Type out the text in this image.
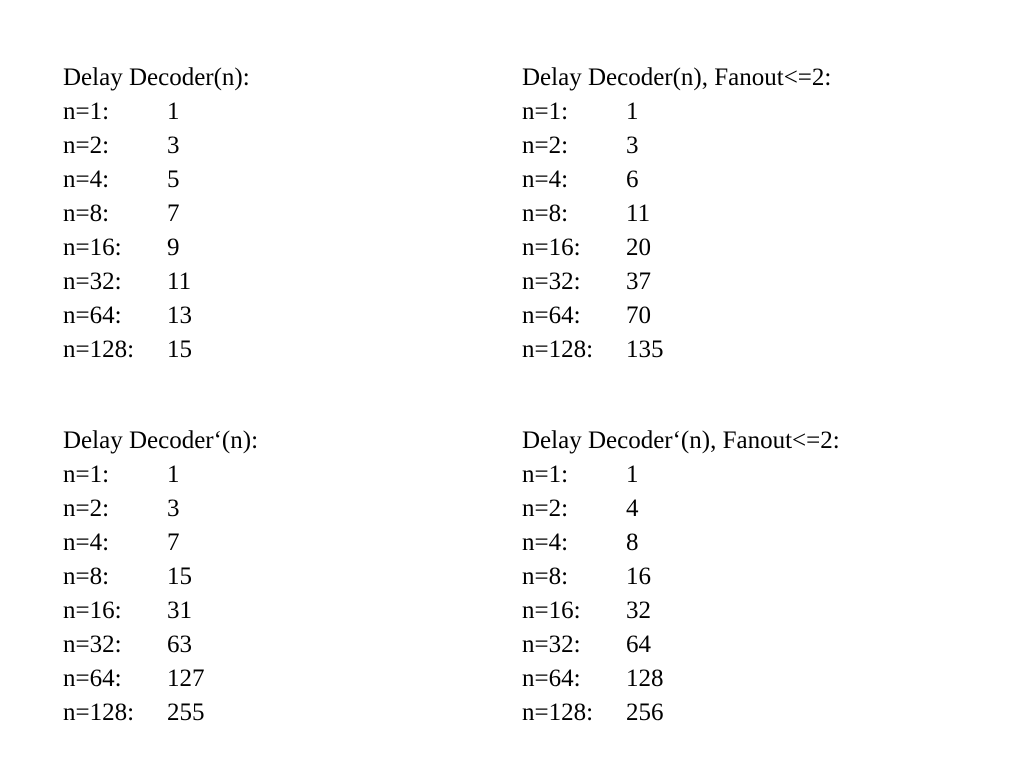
Delay Decoder(n):
n=1: 1
n=2: 3
n=4: 5
n=8: 7
n=16: 9
n=32: 11
n=64: 13
n=128: 15
Delay Decoder(n), Fanout<=2:
n=1: 1
n=2: 3
n=4: 6
n=8: 11
n=16: 20
n=32: 37
n=64: 70
n=128: 135
Delay Decoder‘(n):
n=1: 1
n=2: 3
n=4: 7
n=8: 15
n=16: 31
n=32: 63
n=64: 127
n=128: 255
Delay Decoder‘(n), Fanout<=2:
n=1: 1
n=2: 4
n=4: 8
n=8: 16
n=16: 32
n=32: 64
n=64: 128
n=128: 256
